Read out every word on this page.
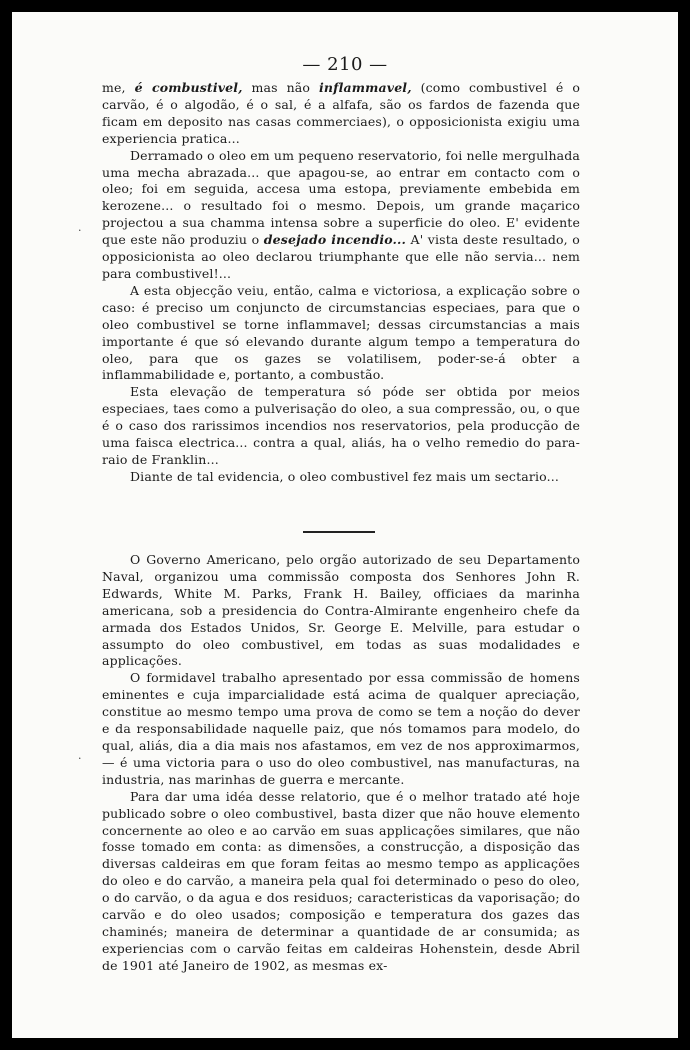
— 210 —

me, é combustivel, mas não inflammavel, (como combustivel é o carvão, é o algodão, é o sal, é a alfafa, são os fardos de fazenda que ficam em deposito nas casas commerciaes), o opposicionista exigiu uma experiencia pratica...

Derramado o oleo em um pequeno reservatorio, foi nelle mergulhada uma mecha abrazada... que apagou-se, ao entrar em contacto com o oleo; foi em seguida, accesa uma estopa, previamente embebida em kerozene... o resultado foi o mesmo. Depois, um grande maçarico projectou a sua chamma intensa sobre a superficie do oleo. E' evidente que este não produziu o desejado incendio... A' vista deste resultado, o opposicionista ao oleo declarou triumphante que elle não servia... nem para combustivel!...

A esta objecção veiu, então, calma e victoriosa, a explicação sobre o caso: é preciso um conjuncto de circumstancias especiaes, para que o oleo combustivel se torne inflammavel; dessas circumstancias a mais importante é que só elevando durante algum tempo a temperatura do oleo, para que os gazes se volatilisem, poder-se-á obter a inflammabilidade e, portanto, a combustão.

Esta elevação de temperatura só póde ser obtida por meios especiaes, taes como a pulverisação do oleo, a sua compressão, ou, o que é o caso dos rarissimos incendios nos reservatorios, pela producção de uma faisca electrica... contra a qual, aliás, ha o velho remedio do para-raio de Franklin...

Diante de tal evidencia, o oleo combustivel fez mais um sectario...

O Governo Americano, pelo orgão autorizado de seu Departamento Naval, organizou uma commissão composta dos Senhores John R. Edwards, White M. Parks, Frank H. Bailey, officiaes da marinha americana, sob a presidencia do Contra-Almirante engenheiro chefe da armada dos Estados Unidos, Sr. George E. Melville, para estudar o assumpto do oleo combustivel, em todas as suas modalidades e applicações.

O formidavel trabalho apresentado por essa commissão de homens eminentes e cuja imparcialidade está acima de qualquer apreciação, constitue ao mesmo tempo uma prova de como se tem a noção do dever e da responsabilidade naquelle paiz, que nós tomamos para modelo, do qual, aliás, dia a dia mais nos afastamos, em vez de nos approximarmos, — é uma victoria para o uso do oleo combustivel, nas manufacturas, na industria, nas marinhas de guerra e mercante.

Para dar uma idéa desse relatorio, que é o melhor tratado até hoje publicado sobre o oleo combustivel, basta dizer que não houve elemento concernente ao oleo e ao carvão em suas applicações similares, que não fosse tomado em conta: as dimensões, a construcção, a disposição das diversas caldeiras em que foram feitas ao mesmo tempo as applicações do oleo e do carvão, a maneira pela qual foi determinado o peso do oleo, o do carvão, o da agua e dos residuos; caracteristicas da vaporisação; do carvão e do oleo usados; composição e temperatura dos gazes das chaminés; maneira de determinar a quantidade de ar consumida; as experiencias com o carvão feitas em caldeiras Hohenstein, desde Abril de 1901 até Janeiro de 1902, as mesmas ex-

·
·
